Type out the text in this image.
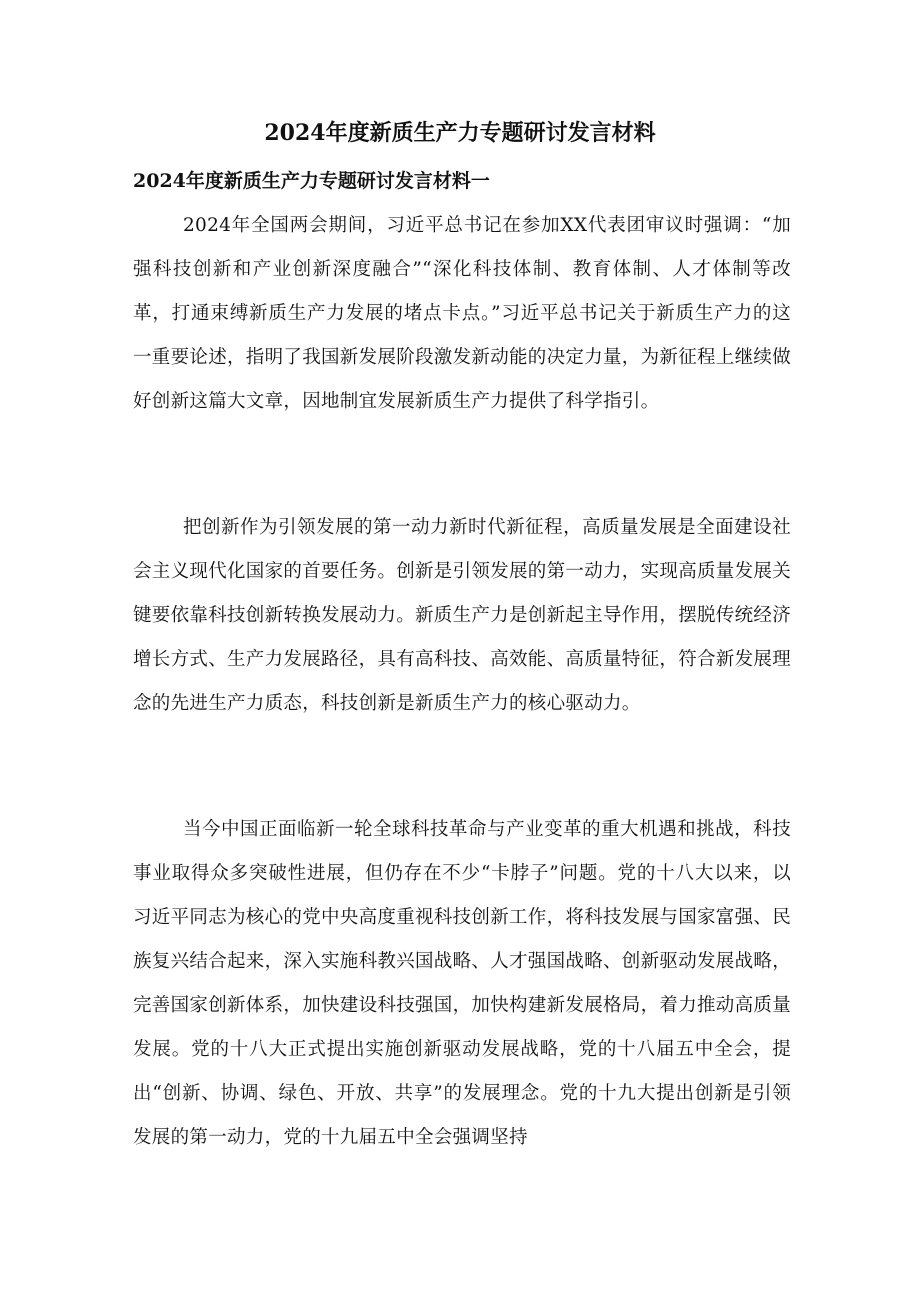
2024年度新质生产力专题研讨发言材料
2024年度新质生产力专题研讨发言材料一

2024年全国两会期间，习近平总书记在参加XX代表团审议时强调：“加强科技创新和产业创新深度融合”“深化科技体制、教育体制、人才体制等改革，打通束缚新质生产力发展的堵点卡点。”习近平总书记关于新质生产力的这一重要论述，指明了我国新发展阶段激发新动能的决定力量，为新征程上继续做好创新这篇大文章，因地制宜发展新质生产力提供了科学指引。

把创新作为引领发展的第一动力新时代新征程，高质量发展是全面建设社会主义现代化国家的首要任务。创新是引领发展的第一动力，实现高质量发展关键要依靠科技创新转换发展动力。新质生产力是创新起主导作用，摆脱传统经济增长方式、生产力发展路径，具有高科技、高效能、高质量特征，符合新发展理念的先进生产力质态，科技创新是新质生产力的核心驱动力。

当今中国正面临新一轮全球科技革命与产业变革的重大机遇和挑战，科技事业取得众多突破性进展，但仍存在不少“卡脖子”问题。党的十八大以来，以习近平同志为核心的党中央高度重视科技创新工作，将科技发展与国家富强、民族复兴结合起来，深入实施科教兴国战略、人才强国战略、创新驱动发展战略，完善国家创新体系，加快建设科技强国，加快构建新发展格局，着力推动高质量发展。党的十八大正式提出实施创新驱动发展战略，党的十八届五中全会，提出“创新、协调、绿色、开放、共享”的发展理念。党的十九大提出创新是引领发展的第一动力，党的十九届五中全会强调坚持
